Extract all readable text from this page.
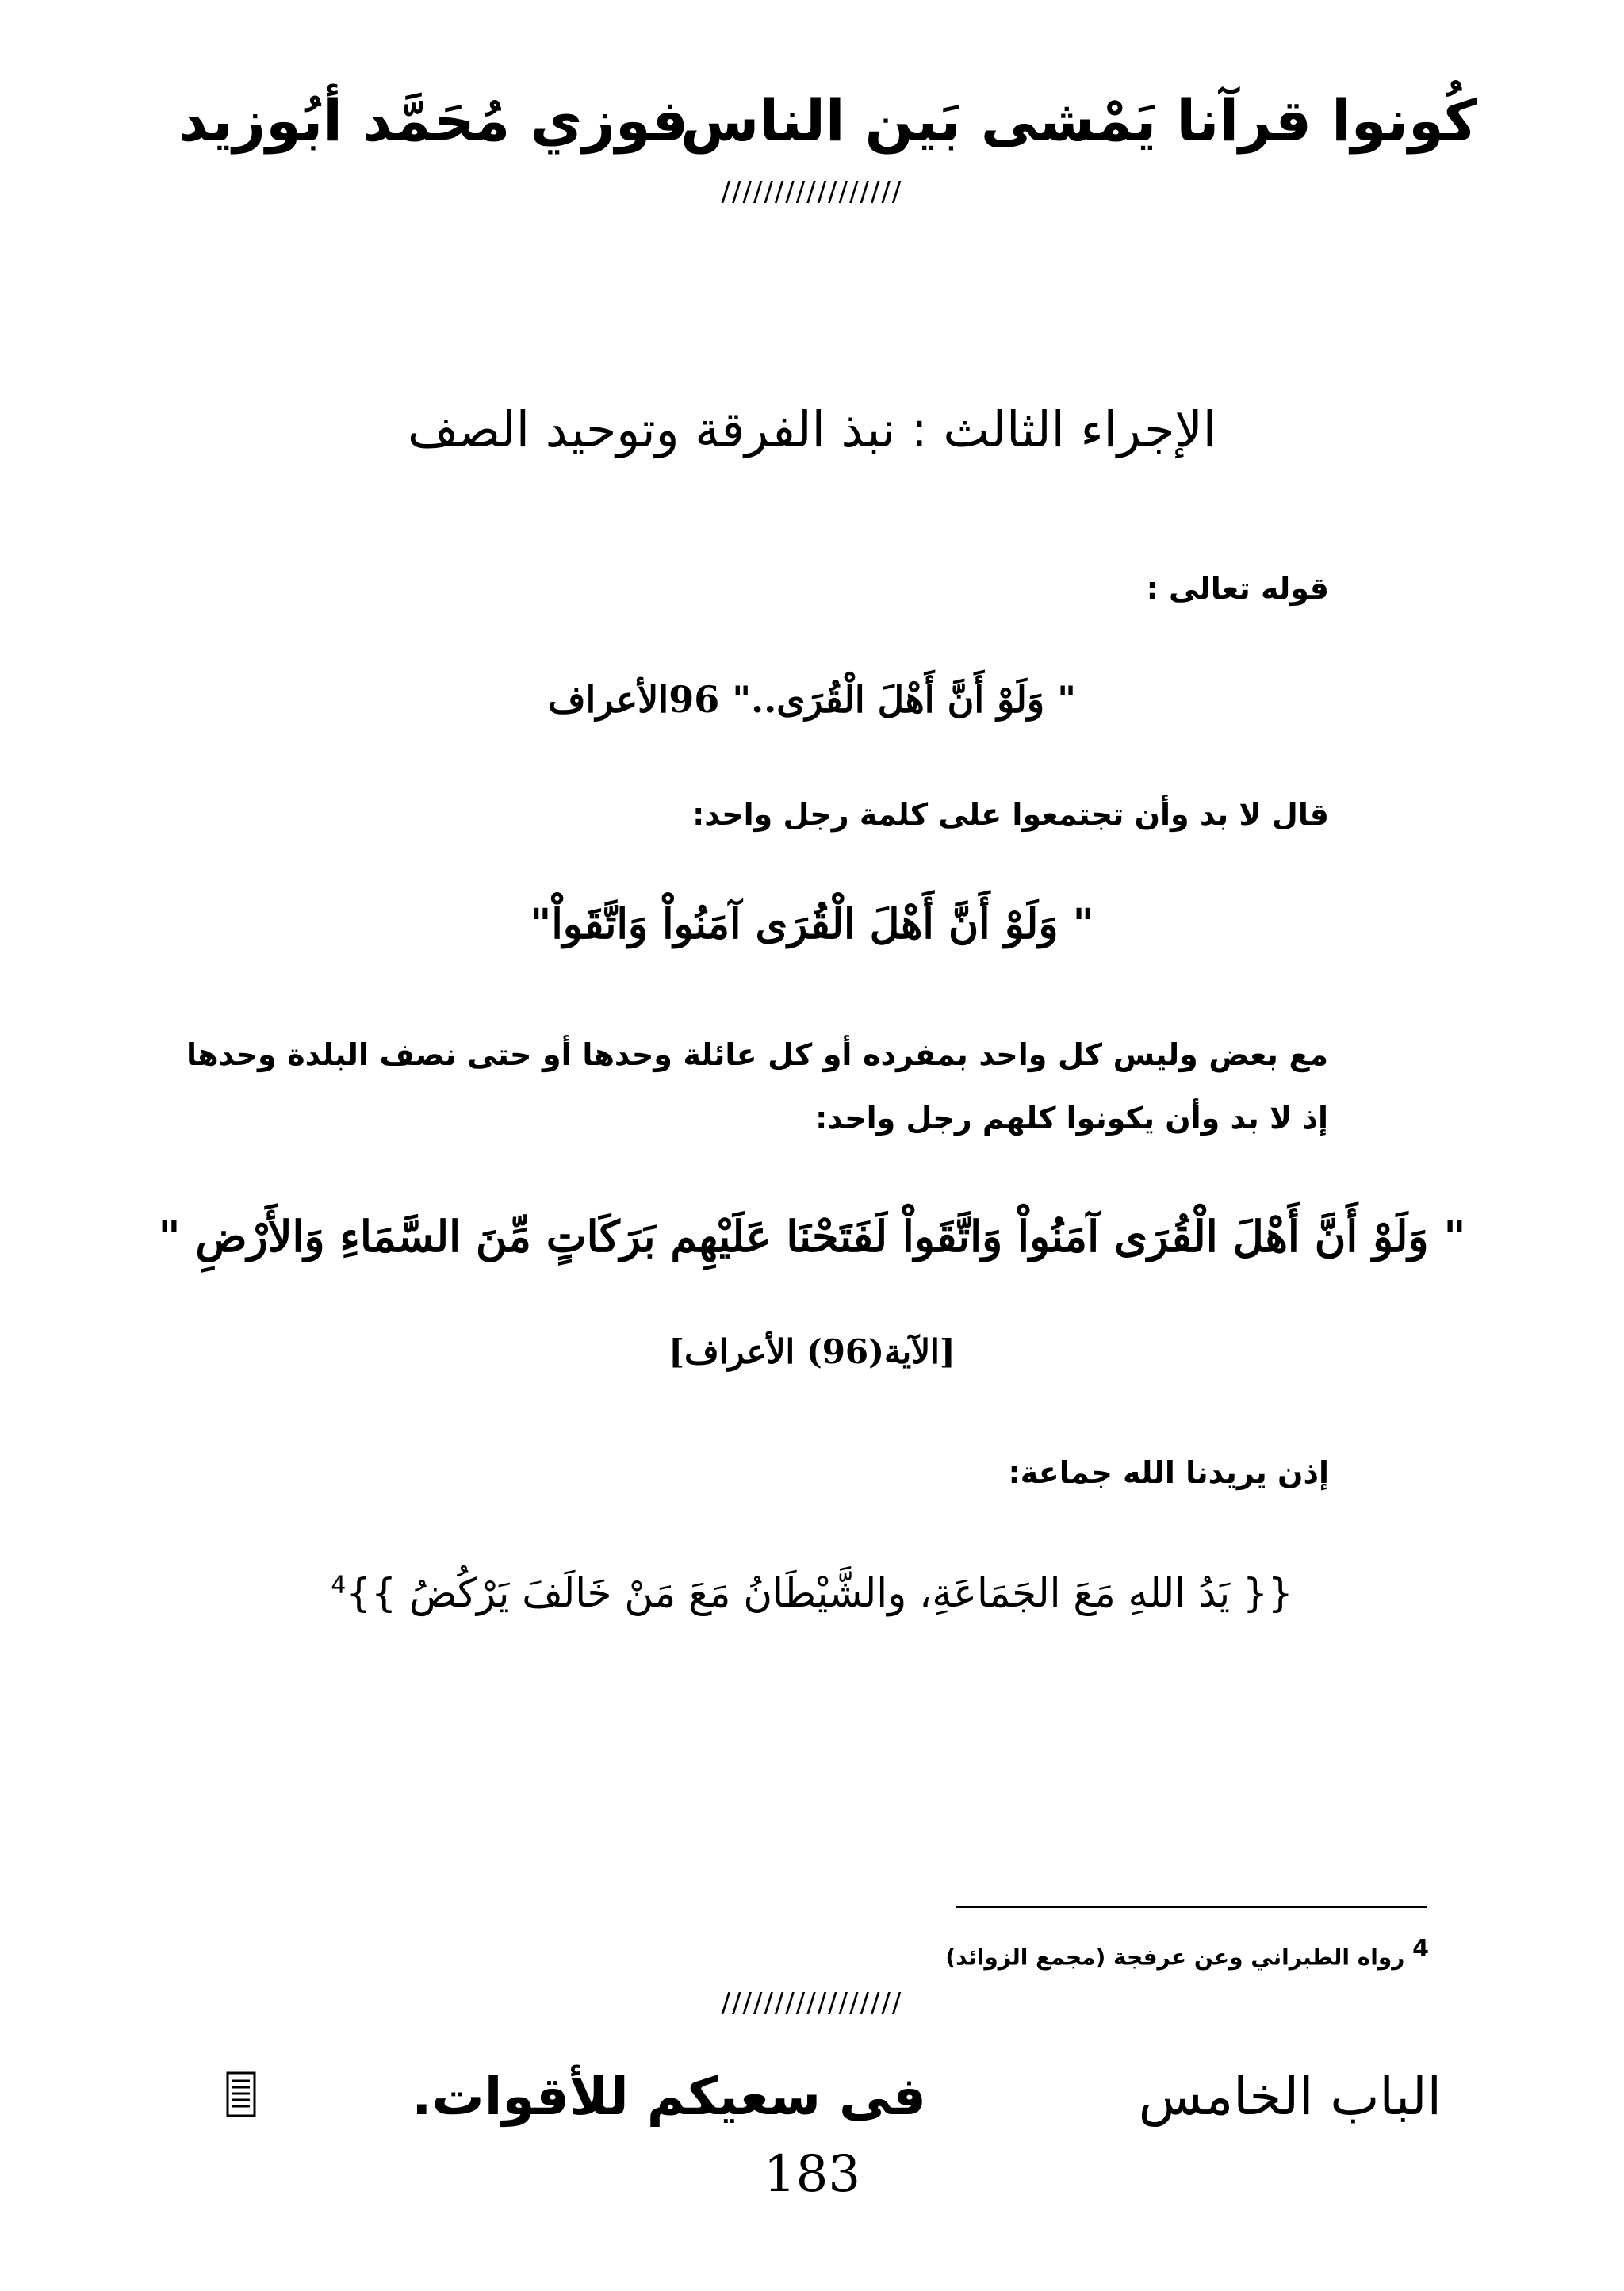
كُونوا قرآنا يَمْشى بَين الناس
فوزي مُحَمَّد أبُوزيد
/////////////////
الإجراء الثالث : نبذ الفرقة وتوحيد الصف
قوله تعالى :
" وَلَوْ أَنَّ أَهْلَ الْقُرَى.." 96الأعراف
قال لا بد وأن تجتمعوا على كلمة رجل واحد:
" وَلَوْ أَنَّ أَهْلَ الْقُرَى آمَنُواْ وَاتَّقَواْ"
مع بعض وليس كل واحد بمفرده أو كل عائلة وحدها أو حتى نصف البلدة وحدها إذ لا بد وأن يكونوا كلهم رجل واحد:
" وَلَوْ أَنَّ أَهْلَ الْقُرَى آمَنُواْ وَاتَّقَواْ لَفَتَحْنَا عَلَيْهِم بَرَكَاتٍ مِّنَ السَّمَاءِ وَالأَرْضِ "
[الآية(96) الأعراف]
إذن يريدنا الله جماعة:
{{ يَدُ اللهِ مَعَ الجَمَاعَةِ، والشَّيْطَانُ مَعَ مَنْ خَالَفَ يَرْكُضُ }}$^4$
4 رواه الطبراني وعن عرفجة (مجمع الزوائد)
/////////////////
الباب الخامس
فى سعيكم للأقوات.
183
